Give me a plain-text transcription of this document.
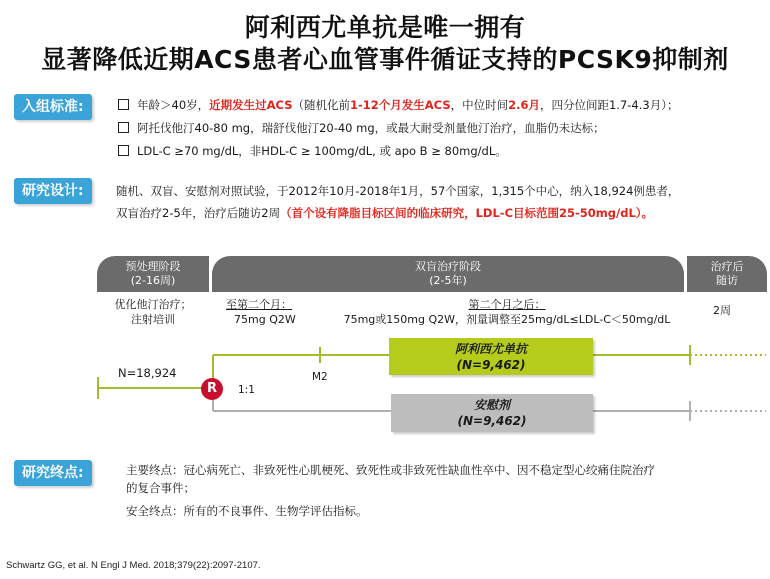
阿利西尤单抗是唯一拥有
显著降低近期ACS患者心血管事件循证支持的PCSK9抑制剂
入组标准:	年龄＞40岁，近期发生过ACS（随机化前1-12个月发生ACS，中位时间2.6月，四分位间距1.7-4.3月）；
阿托伐他汀40-80 mg，瑞舒伐他汀20-40 mg，或最大耐受剂量他汀治疗，血脂仍未达标；
LDL-C ≥70 mg/dL，非HDL-C ≥ 100mg/dL, 或 apo B ≥ 80mg/dL。
研究设计:	随机、双盲、安慰剂对照试验，于2012年10月-2018年1月，57个国家，1,315个中心，纳入18,924例患者，
双盲治疗2-5年，治疗后随访2周（首个设有降脂目标区间的临床研究，LDL-C目标范围25-50mg/dL）。
预处理阶段
(2-16周)
双盲治疗阶段
(2-5年)
治疗后
随访
优化他汀治疗；
注射培训
至第二个月：
75mg Q2W
第二个月之后：
75mg或150mg Q2W，剂量调整至25mg/dL≤LDL-C＜50mg/dL
2周
N=18,924
R	1:1
M2
阿利西尤单抗
(N=9,462)
安慰剂
(N=9,462)
研究终点:	主要终点：冠心病死亡、非致死性心肌梗死、致死性或非致死性缺血性卒中、因不稳定型心绞痛住院治疗
的复合事件；
安全终点：所有的不良事件、生物学评估指标。
Schwartz GG, et al. N Engl J Med. 2018;379(22):2097-2107.
